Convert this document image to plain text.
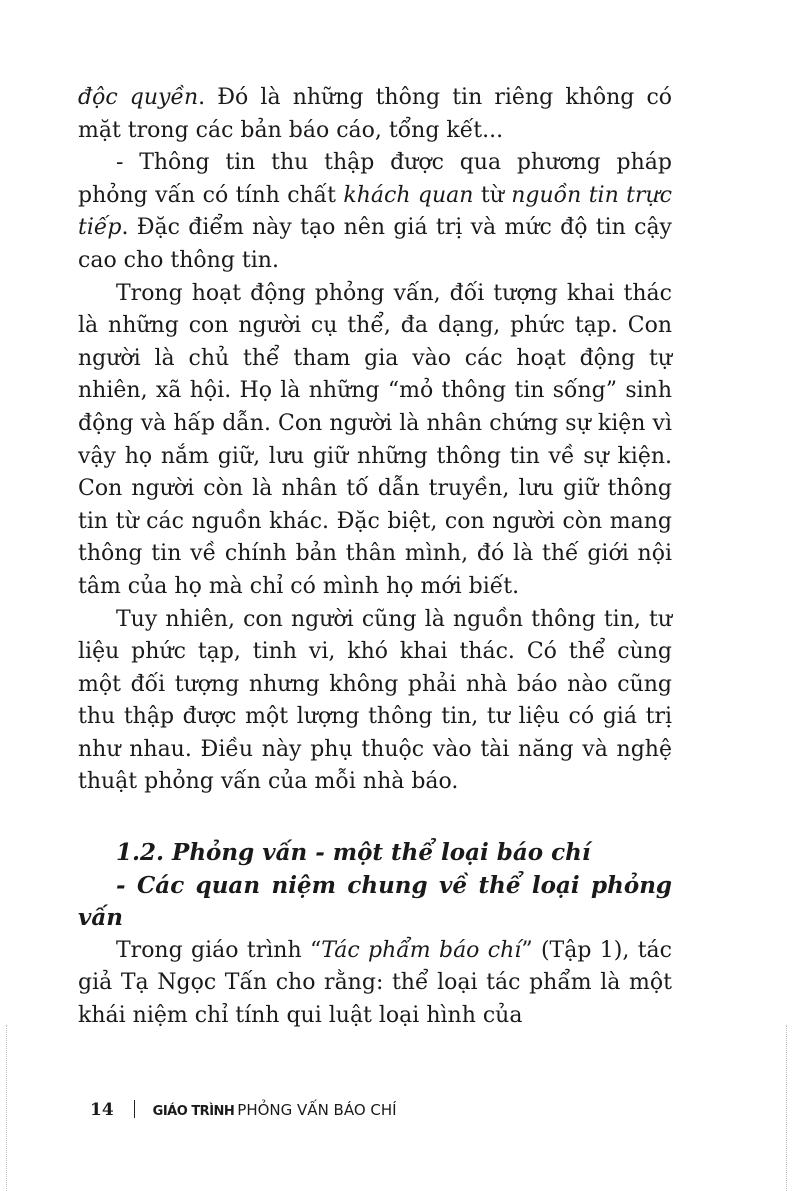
độc quyền. Đó là những thông tin riêng không có mặt trong các bản báo cáo, tổng kết...

- Thông tin thu thập được qua phương pháp phỏng vấn có tính chất khách quan từ nguồn tin trực tiếp. Đặc điểm này tạo nên giá trị và mức độ tin cậy cao cho thông tin.

Trong hoạt động phỏng vấn, đối tượng khai thác là những con người cụ thể, đa dạng, phức tạp. Con người là chủ thể tham gia vào các hoạt động tự nhiên, xã hội. Họ là những “mỏ thông tin sống” sinh động và hấp dẫn. Con người là nhân chứng sự kiện vì vậy họ nắm giữ, lưu giữ những thông tin về sự kiện. Con người còn là nhân tố dẫn truyền, lưu giữ thông tin từ các nguồn khác. Đặc biệt, con người còn mang thông tin về chính bản thân mình, đó là thế giới nội tâm của họ mà chỉ có mình họ mới biết.

Tuy nhiên, con người cũng là nguồn thông tin, tư liệu phức tạp, tinh vi, khó khai thác. Có thể cùng một đối tượng nhưng không phải nhà báo nào cũng thu thập được một lượng thông tin, tư liệu có giá trị như nhau. Điều này phụ thuộc vào tài năng và nghệ thuật phỏng vấn của mỗi nhà báo.

1.2. Phỏng vấn - một thể loại báo chí

- Các quan niệm chung về thể loại phỏng vấn

Trong giáo trình “Tác phẩm báo chí” (Tập 1), tác giả Tạ Ngọc Tấn cho rằng: thể loại tác phẩm là một khái niệm chỉ tính qui luật loại hình của

14	GIÁO TRÌNH PHỎNG VẤN BÁO CHÍ
